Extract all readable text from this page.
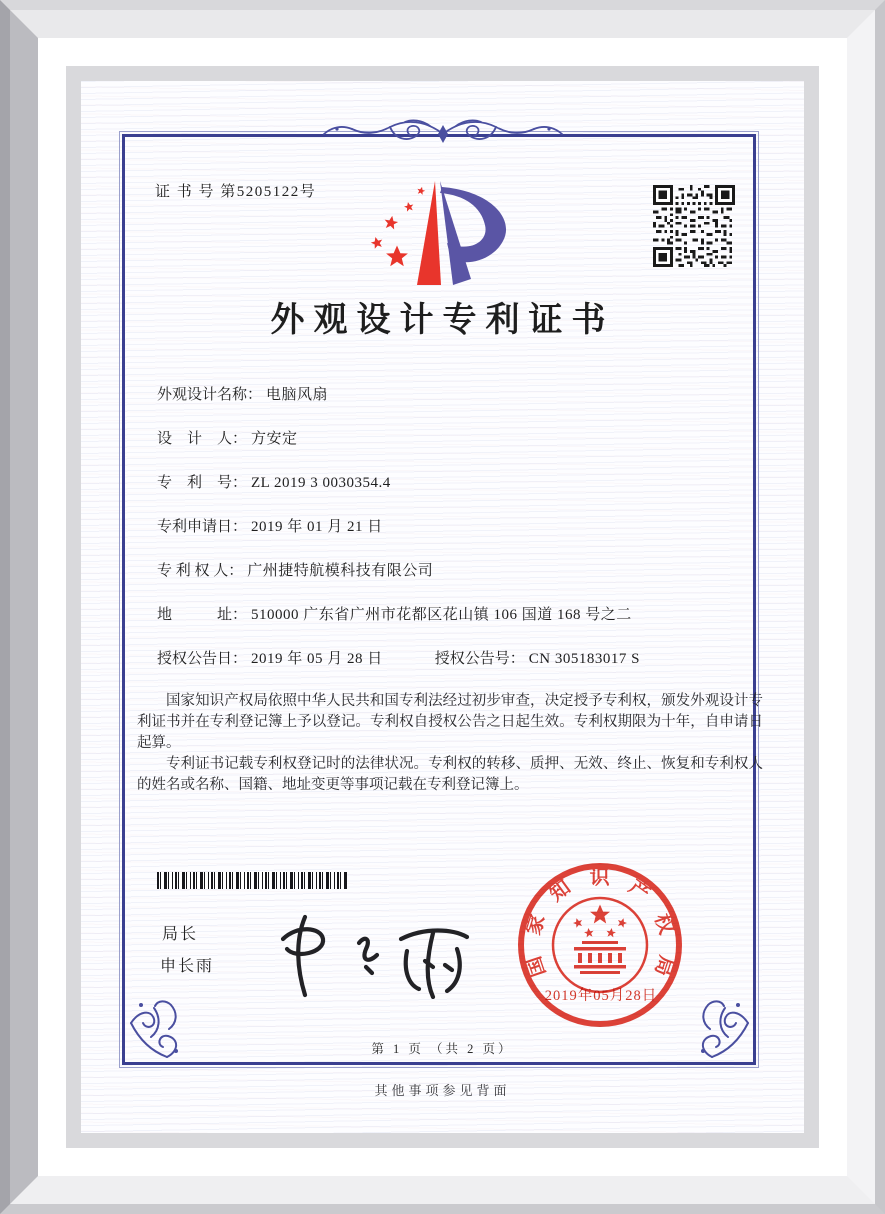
证 书 号 第5205122号
外观设计专利证书
外观设计名称： 电脑风扇
设　计　人： 方安定
专　利　号： ZL 2019 3 0030354.4
专利申请日： 2019 年 01 月 21 日
专 利 权 人： 广州捷特航模科技有限公司
地　　　址： 510000 广东省广州市花都区花山镇 106 国道 168 号之二
授权公告日： 2019 年 05 月 28 日	授权公告号： CN 305183017 S

国家知识产权局依照中华人民共和国专利法经过初步审查，决定授予专利权，颁发外观设计专利证书并在专利登记簿上予以登记。专利权自授权公告之日起生效。专利权期限为十年，自申请日起算。

专利证书记载专利权登记时的法律状况。专利权的转移、质押、无效、终止、恢复和专利权人的姓名或名称、国籍、地址变更等事项记载在专利登记簿上。

局长
申长雨	国家知识产权局
2019年05月28日
第 1 页 （共 2 页）
其他事项参见背面
